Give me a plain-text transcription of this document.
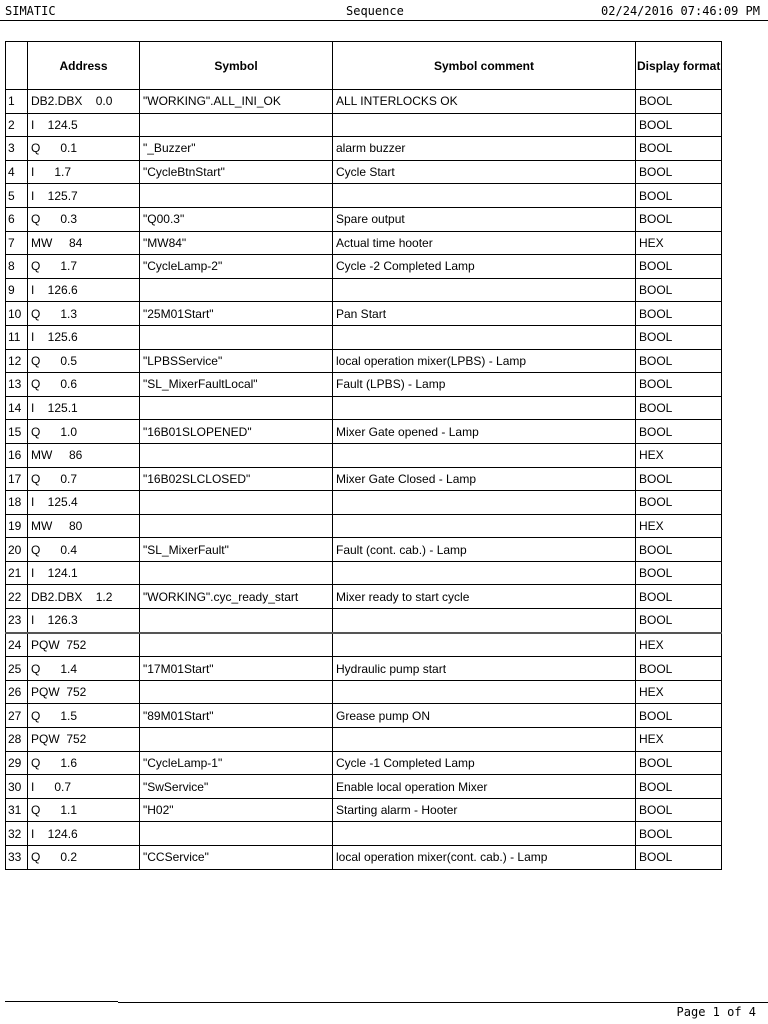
SIMATIC	Sequence	02/24/2016 07:46:09 PM
	Address	Symbol	Symbol comment	Display format
1	DB2.DBX    0.0	"WORKING".ALL_INI_OK	ALL INTERLOCKS OK	BOOL
2	I    124.5			BOOL
3	Q      0.1	"_Buzzer"	alarm buzzer	BOOL
4	I      1.7	"CycleBtnStart"	Cycle Start	BOOL
5	I    125.7			BOOL
6	Q      0.3	"Q00.3"	Spare output	BOOL
7	MW     84	"MW84"	Actual time hooter	HEX
8	Q      1.7	"CycleLamp-2"	Cycle -2 Completed Lamp	BOOL
9	I    126.6			BOOL
10	Q      1.3	"25M01Start"	Pan Start	BOOL
11	I    125.6			BOOL
12	Q      0.5	"LPBSService"	local operation mixer(LPBS) - Lamp	BOOL
13	Q      0.6	"SL_MixerFaultLocal"	Fault (LPBS) - Lamp	BOOL
14	I    125.1			BOOL
15	Q      1.0	"16B01SLOPENED"	Mixer Gate opened - Lamp	BOOL
16	MW     86			HEX
17	Q      0.7	"16B02SLCLOSED"	Mixer Gate Closed - Lamp	BOOL
18	I    125.4			BOOL
19	MW     80			HEX
20	Q      0.4	"SL_MixerFault"	Fault (cont. cab.) - Lamp	BOOL
21	I    124.1			BOOL
22	DB2.DBX    1.2	"WORKING".cyc_ready_start	Mixer ready to start cycle	BOOL
23	I    126.3			BOOL
24	PQW  752			HEX
25	Q      1.4	"17M01Start"	Hydraulic pump start	BOOL
26	PQW  752			HEX
27	Q      1.5	"89M01Start"	Grease pump ON	BOOL
28	PQW  752			HEX
29	Q      1.6	"CycleLamp-1"	Cycle -1 Completed Lamp	BOOL
30	I      0.7	"SwService"	Enable local operation Mixer	BOOL
31	Q      1.1	"H02"	Starting alarm - Hooter	BOOL
32	I    124.6			BOOL
33	Q      0.2	"CCService"	local operation mixer(cont. cab.) - Lamp	BOOL
Page 1 of 4
